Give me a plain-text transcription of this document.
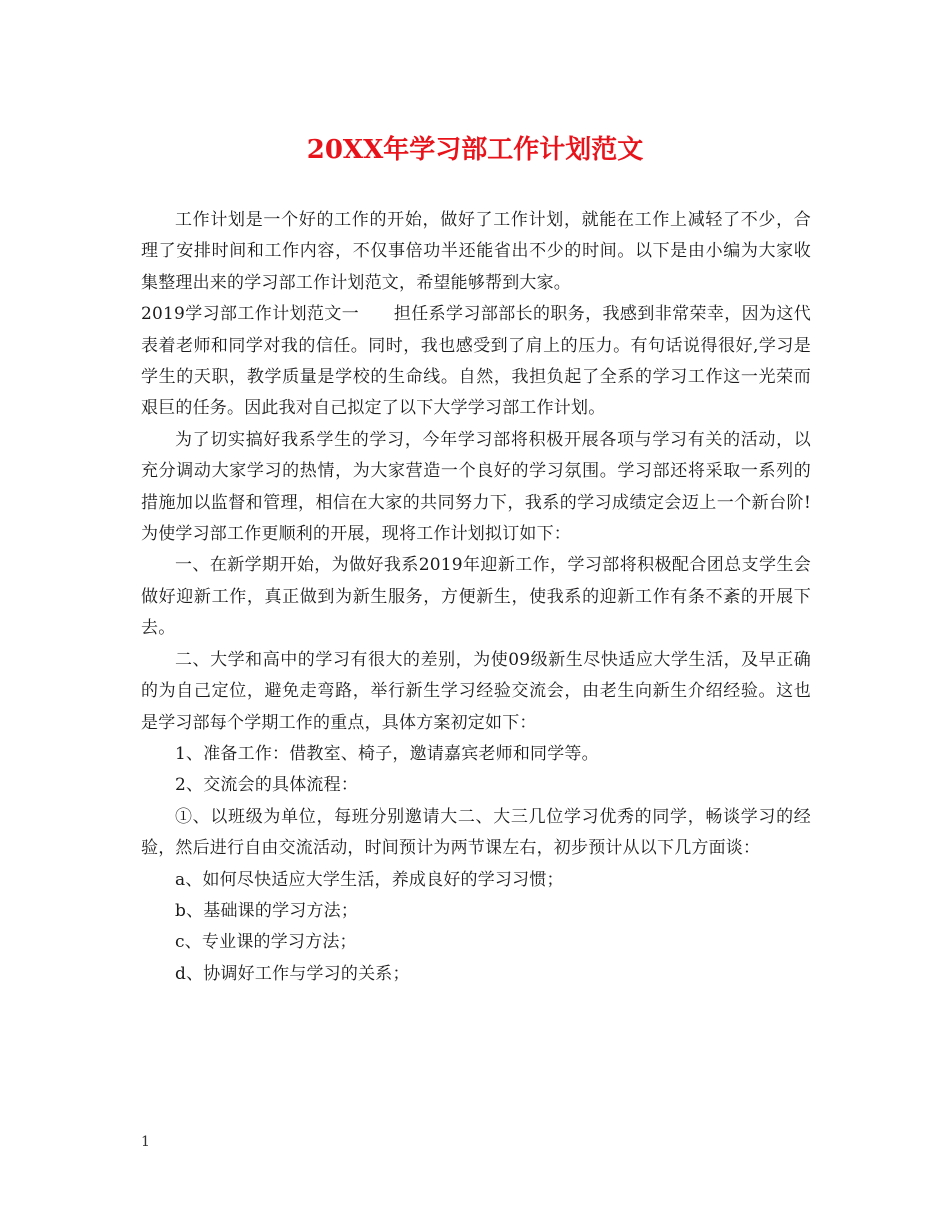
20XX年学习部工作计划范文

工作计划是一个好的工作的开始，做好了工作计划，就能在工作上减轻了不少，合理了安排时间和工作内容，不仅事倍功半还能省出不少的时间。以下是由小编为大家收集整理出来的学习部工作计划范文，希望能够帮到大家。

2019学习部工作计划范文一　　担任系学习部部长的职务，我感到非常荣幸，因为这代表着老师和同学对我的信任。同时，我也感受到了肩上的压力。有句话说得很好,学习是学生的天职，教学质量是学校的生命线。自然，我担负起了全系的学习工作这一光荣而艰巨的任务。因此我对自己拟定了以下大学学习部工作计划。

为了切实搞好我系学生的学习，今年学习部将积极开展各项与学习有关的活动，以充分调动大家学习的热情，为大家营造一个良好的学习氛围。学习部还将采取一系列的措施加以监督和管理，相信在大家的共同努力下，我系的学习成绩定会迈上一个新台阶!为使学习部工作更顺利的开展，现将工作计划拟订如下：

一、在新学期开始，为做好我系2019年迎新工作，学习部将积极配合团总支学生会做好迎新工作，真正做到为新生服务，方便新生，使我系的迎新工作有条不紊的开展下去。

二、大学和高中的学习有很大的差别，为使09级新生尽快适应大学生活，及早正确的为自己定位，避免走弯路，举行新生学习经验交流会，由老生向新生介绍经验。这也是学习部每个学期工作的重点，具体方案初定如下：

1、准备工作：借教室、椅子，邀请嘉宾老师和同学等。

2、交流会的具体流程：

①、以班级为单位，每班分别邀请大二、大三几位学习优秀的同学，畅谈学习的经验，然后进行自由交流活动，时间预计为两节课左右，初步预计从以下几方面谈：

a、如何尽快适应大学生活，养成良好的学习习惯；

b、基础课的学习方法；

c、专业课的学习方法；

d、协调好工作与学习的关系；

1
